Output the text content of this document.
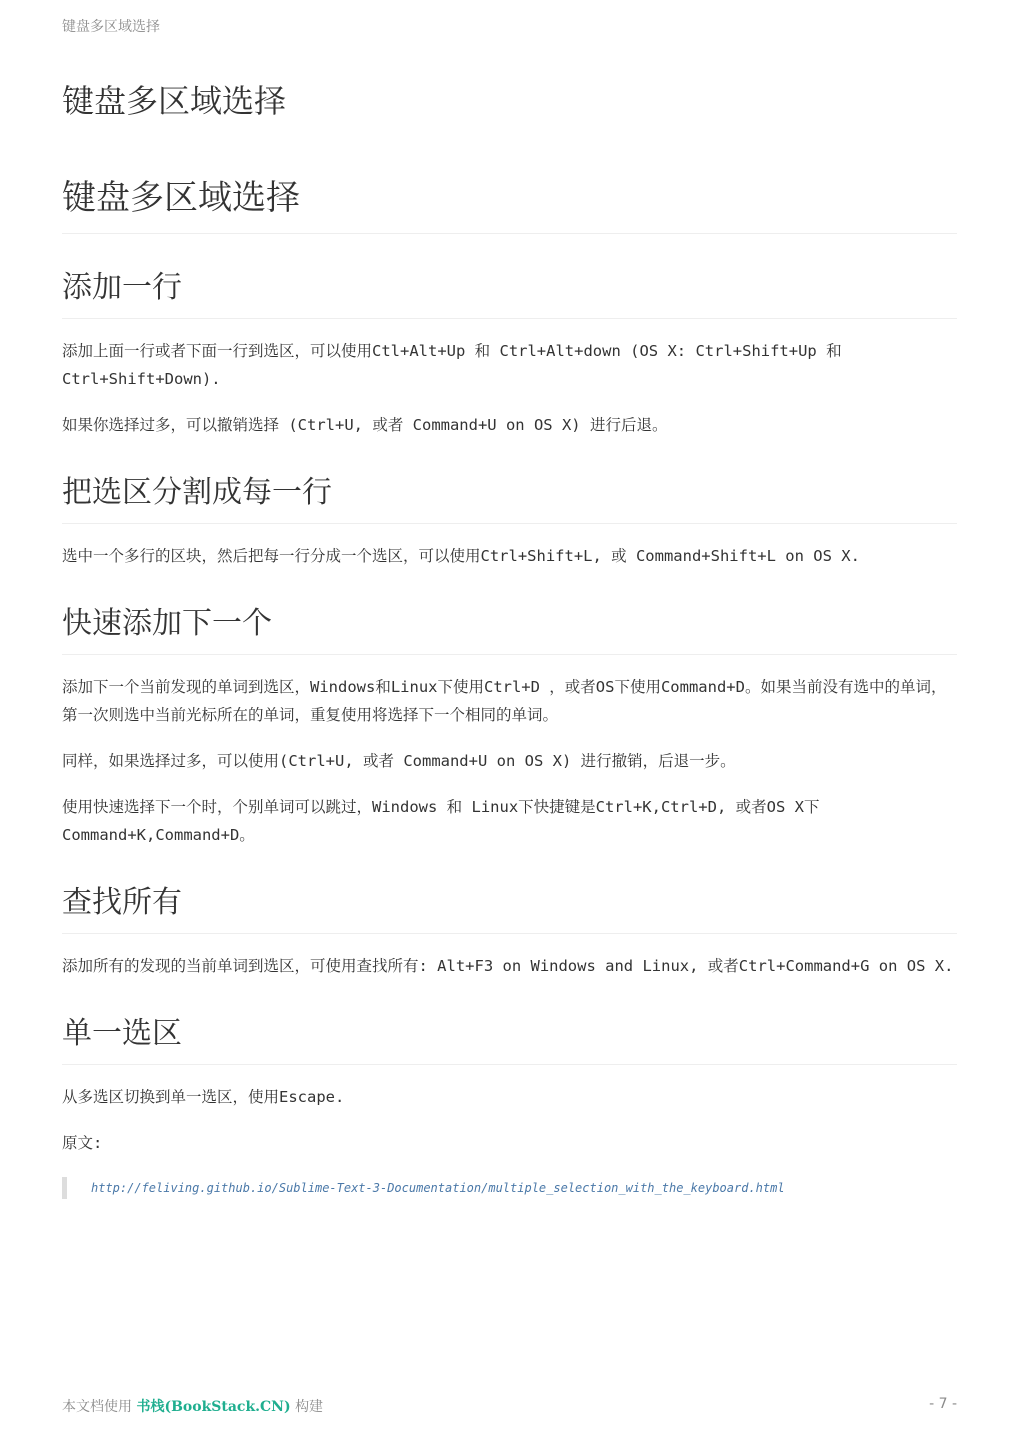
键盘多区域选择
键盘多区域选择
键盘多区域选择
添加一行

添加上面一行或者下面一行到选区，可以使用Ctl+Alt+Up 和 Ctrl+Alt+down (OS X: Ctrl+Shift+Up 和 Ctrl+Shift+Down).

如果你选择过多，可以撤销选择 (Ctrl+U, 或者 Command+U on OS X) 进行后退。

把选区分割成每一行

选中一个多行的区块，然后把每一行分成一个选区，可以使用Ctrl+Shift+L, 或 Command+Shift+L on OS X.

快速添加下一个

添加下一个当前发现的单词到选区，Windows和Linux下使用Ctrl+D ，或者OS下使用Command+D。如果当前没有选中的单词，第一次则选中当前光标所在的单词，重复使用将选择下一个相同的单词。

同样，如果选择过多，可以使用(Ctrl+U, 或者 Command+U on OS X) 进行撤销，后退一步。

使用快速选择下一个时，个别单词可以跳过，Windows 和 Linux下快捷键是Ctrl+K,Ctrl+D, 或者OS X下Command+K,Command+D。

查找所有

添加所有的发现的当前单词到选区，可使用查找所有: Alt+F3 on Windows and Linux, 或者Ctrl+Command+G on OS X.

单一选区

从多选区切换到单一选区，使用Escape.

原文:

http://feliving.github.io/Sublime-Text-3-Documentation/multiple_selection_with_the_keyboard.html
本文档使用 书栈(BookStack.CN) 构建	- 7 -
